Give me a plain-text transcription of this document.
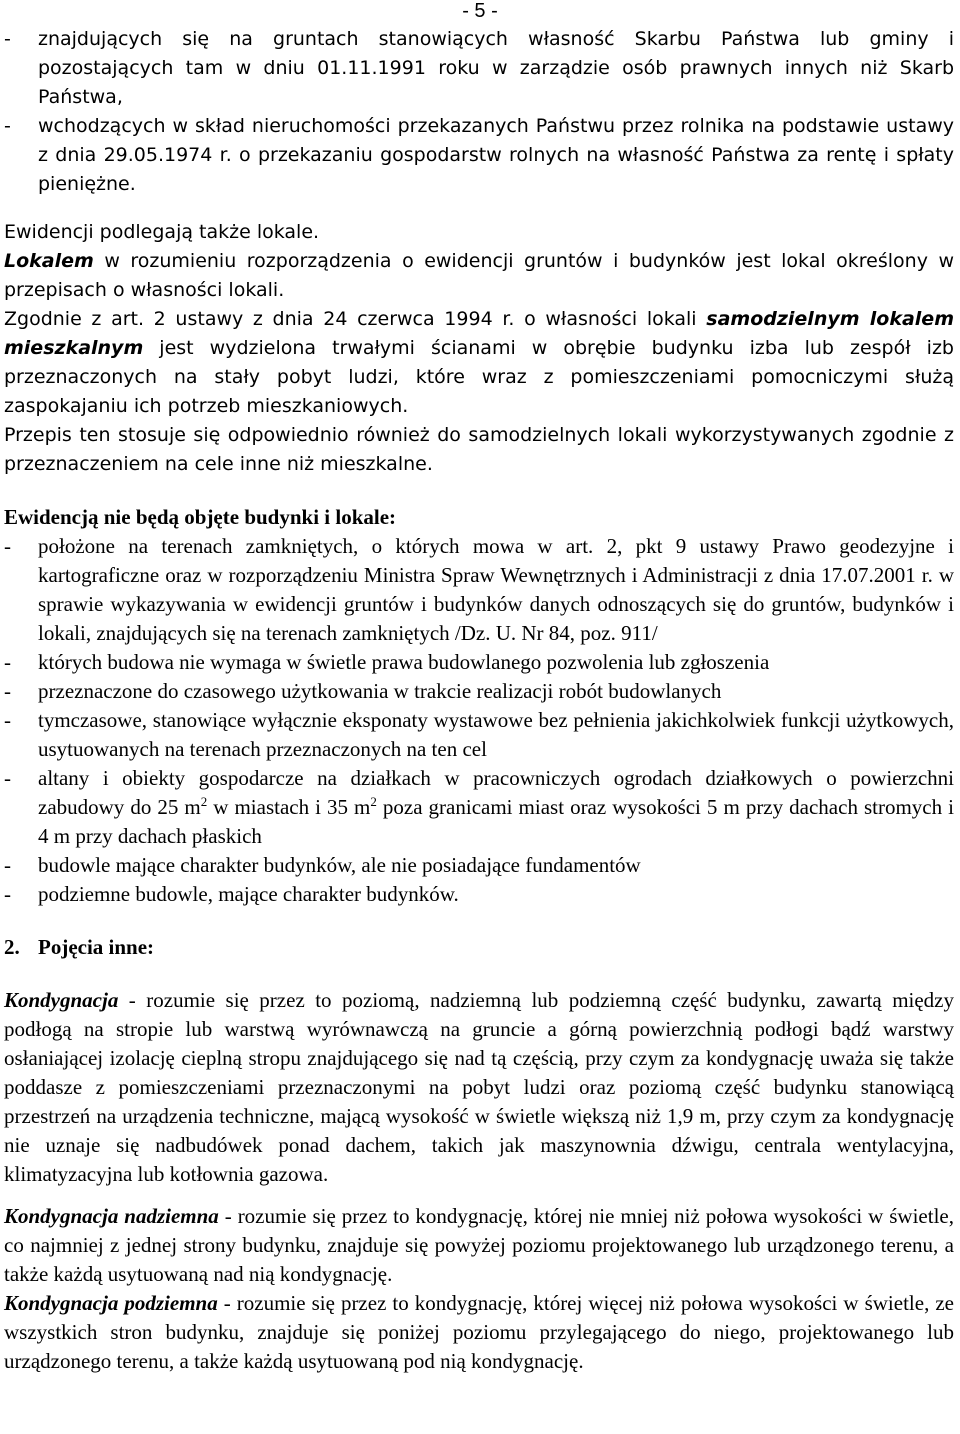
- 5 -
-	znajdujących się na gruntach stanowiących własność Skarbu Państwa lub gminy i pozostających tam w dniu 01.11.1991 roku w zarządzie osób prawnych innych niż Skarb Państwa,
-	wchodzących w skład nieruchomości przekazanych Państwu przez rolnika na podstawie ustawy z dnia 29.05.1974 r. o przekazaniu gospodarstw rolnych na własność Państwa za rentę i spłaty pieniężne.

Ewidencji podlegają także lokale.

Lokalem w rozumieniu rozporządzenia o ewidencji gruntów i budynków jest lokal określony w przepisach o własności lokali.

Zgodnie z art. 2 ustawy z dnia 24 czerwca 1994 r. o własności lokali samodzielnym lokalem mieszkalnym jest wydzielona trwałymi ścianami w obrębie budynku izba lub zespół izb przeznaczonych na stały pobyt ludzi, które wraz z pomieszczeniami pomocniczymi służą zaspokajaniu ich potrzeb mieszkaniowych.

Przepis ten stosuje się odpowiednio również do samodzielnych lokali wykorzystywanych zgodnie z przeznaczeniem na cele inne niż mieszkalne.

Ewidencją nie będą objęte budynki i lokale:

-	położone na terenach zamkniętych, o których mowa w art. 2, pkt 9 ustawy Prawo geodezyjne i kartograficzne oraz w rozporządzeniu Ministra Spraw Wewnętrznych i Administracji z dnia 17.07.2001 r. w sprawie wykazywania w ewidencji gruntów i budynków danych odnoszących się do gruntów, budynków i lokali, znajdujących się na terenach zamkniętych /Dz. U. Nr 84, poz. 911/
-	których budowa nie wymaga w świetle prawa budowlanego pozwolenia lub zgłoszenia
-	przeznaczone do czasowego użytkowania w trakcie realizacji robót budowlanych
-	tymczasowe, stanowiące wyłącznie eksponaty wystawowe bez pełnienia jakichkolwiek funkcji użytkowych, usytuowanych na terenach przeznaczonych na ten cel
-	altany i obiekty gospodarcze na działkach w pracowniczych ogrodach działkowych o powierzchni zabudowy do 25 $m^2$ w miastach i 35 $m^2$ poza granicami miast oraz wysokości 5 m przy dachach stromych i 4 m przy dachach płaskich
-	budowle mające charakter budynków, ale nie posiadające fundamentów
-	podziemne budowle, mające charakter budynków.

2. Pojęcia inne:

Kondygnacja - rozumie się przez to poziomą, nadziemną lub podziemną część budynku, zawartą między podłogą na stropie lub warstwą wyrównawczą na gruncie a górną powierzchnią podłogi bądź warstwy osłaniającej izolację cieplną stropu znajdującego się nad tą częścią, przy czym za kondygnację uważa się także poddasze z pomieszczeniami przeznaczonymi na pobyt ludzi oraz poziomą część budynku stanowiącą przestrzeń na urządzenia techniczne, mającą wysokość w świetle większą niż 1,9 m, przy czym za kondygnację nie uznaje się nadbudówek ponad dachem, takich jak maszynownia dźwigu, centrala wentylacyjna, klimatyzacyjna lub kotłownia gazowa.

Kondygnacja nadziemna - rozumie się przez to kondygnację, której nie mniej niż połowa wysokości w świetle, co najmniej z jednej strony budynku, znajduje się powyżej poziomu projektowanego lub urządzonego terenu, a także każdą usytuowaną nad nią kondygnację.

Kondygnacja podziemna - rozumie się przez to kondygnację, której więcej niż połowa wysokości w świetle, ze wszystkich stron budynku, znajduje się poniżej poziomu przylegającego do niego, projektowanego lub urządzonego terenu, a także każdą usytuowaną pod nią kondygnację.
